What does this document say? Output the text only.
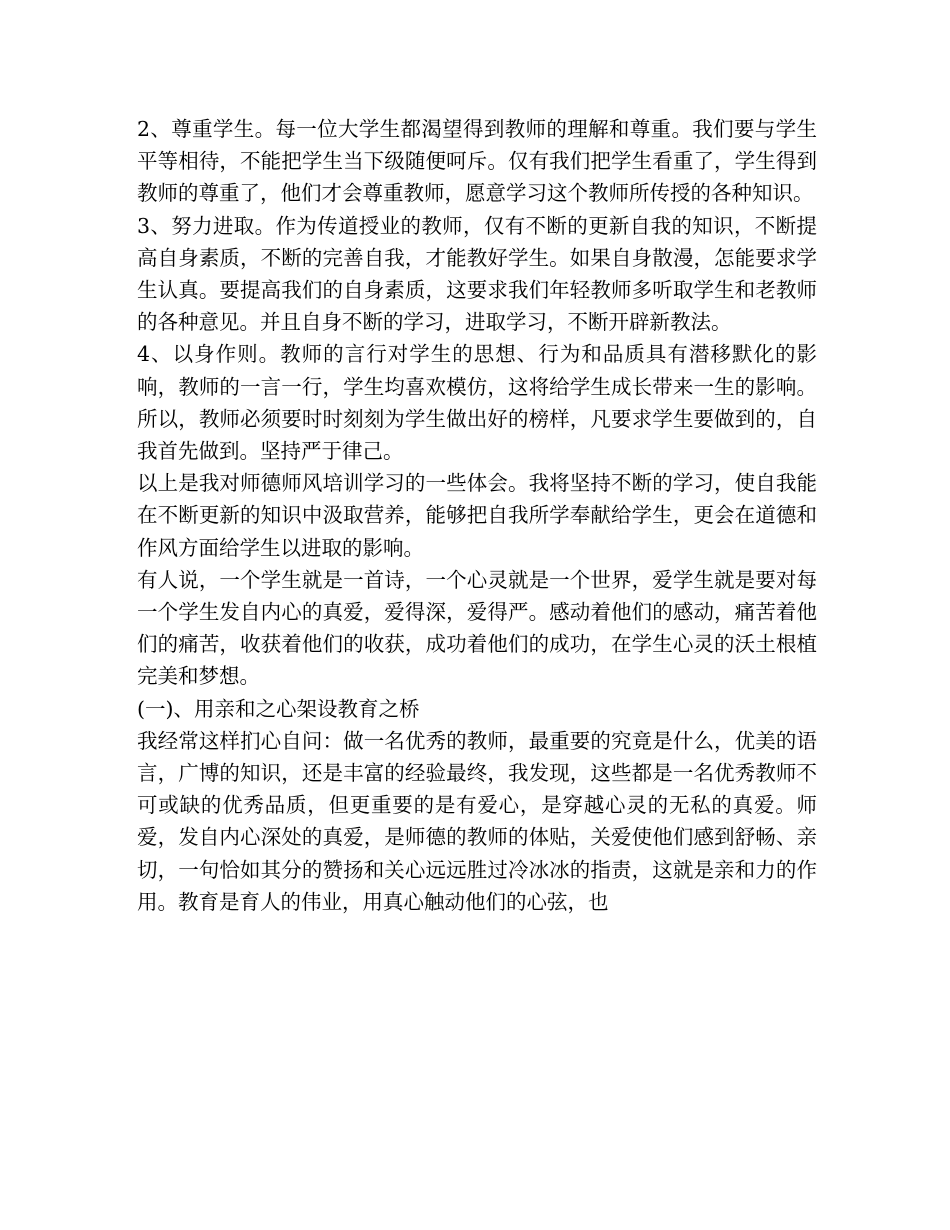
2、尊重学生。每一位大学生都渴望得到教师的理解和尊重。我们要与学生平等相待，不能把学生当下级随便呵斥。仅有我们把学生看重了，学生得到教师的尊重了，他们才会尊重教师，愿意学习这个教师所传授的各种知识。

3、努力进取。作为传道授业的教师，仅有不断的更新自我的知识，不断提高自身素质，不断的完善自我，才能教好学生。如果自身散漫，怎能要求学生认真。要提高我们的自身素质，这要求我们年轻教师多听取学生和老教师的各种意见。并且自身不断的学习，进取学习，不断开辟新教法。

4、以身作则。教师的言行对学生的思想、行为和品质具有潜移默化的影响，教师的一言一行，学生均喜欢模仿，这将给学生成长带来一生的影响。所以，教师必须要时时刻刻为学生做出好的榜样，凡要求学生要做到的，自我首先做到。坚持严于律己。

以上是我对师德师风培训学习的一些体会。我将坚持不断的学习，使自我能在不断更新的知识中汲取营养，能够把自我所学奉献给学生，更会在道德和作风方面给学生以进取的影响。

有人说，一个学生就是一首诗，一个心灵就是一个世界，爱学生就是要对每一个学生发自内心的真爱，爱得深，爱得严。感动着他们的感动，痛苦着他们的痛苦，收获着他们的收获，成功着他们的成功，在学生心灵的沃土根植完美和梦想。

(一)、用亲和之心架设教育之桥

我经常这样扪心自问：做一名优秀的教师，最重要的究竟是什么，优美的语言，广博的知识，还是丰富的经验最终，我发现，这些都是一名优秀教师不可或缺的优秀品质，但更重要的是有爱心，是穿越心灵的无私的真爱。师爱，发自内心深处的真爱，是师德的教师的体贴，关爱使他们感到舒畅、亲切，一句恰如其分的赞扬和关心远远胜过冷冰冰的指责，这就是亲和力的作用。教育是育人的伟业，用真心触动他们的心弦，也
